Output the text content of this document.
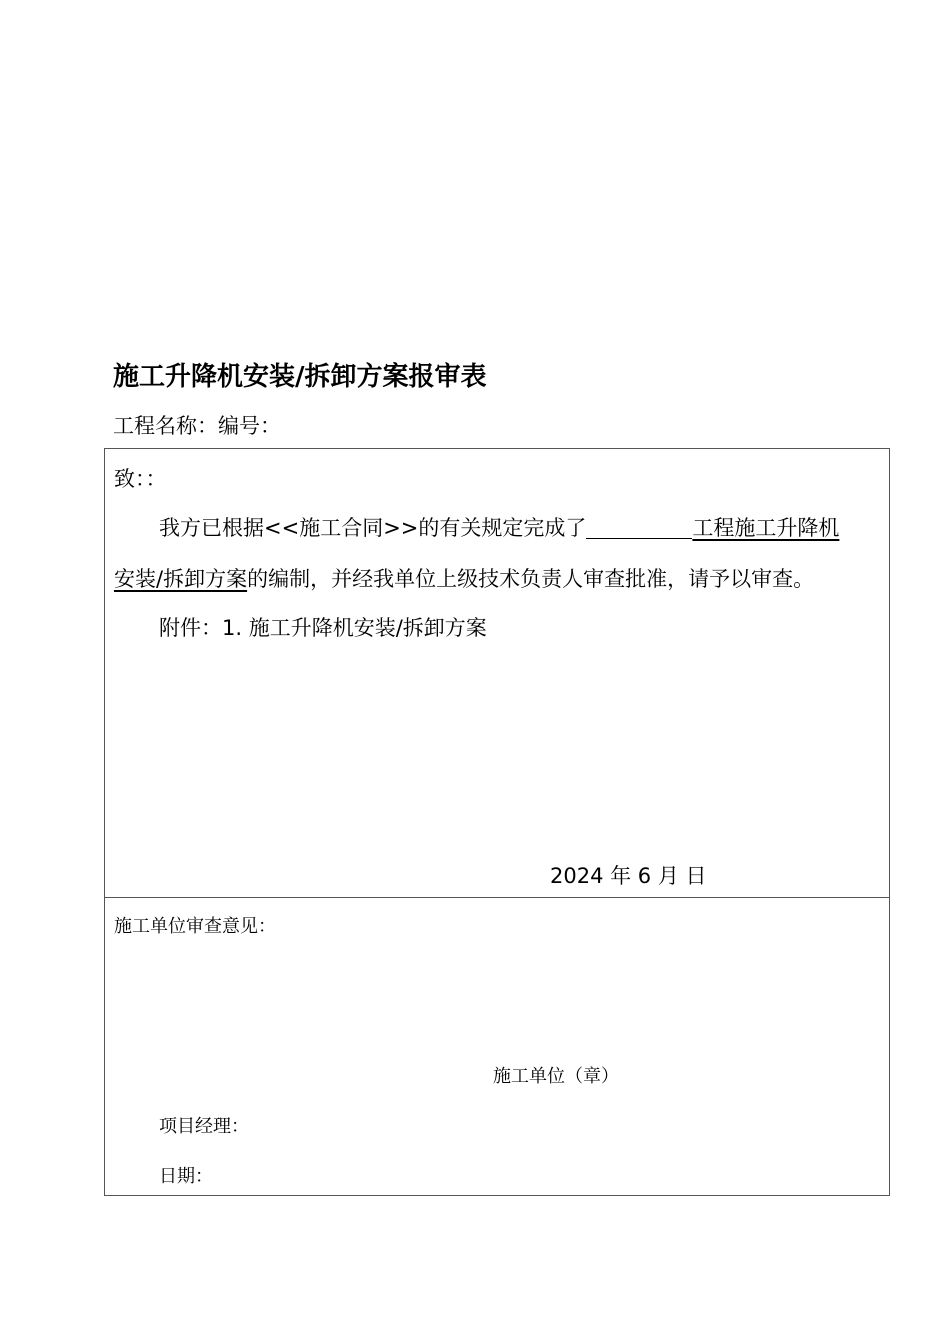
施工升降机安装/拆卸方案报审表
工程名称：编号：
致：：
我方已根据<<施工合同>>的有关规定完成了	工程施工升降机
安装/拆卸方案的编制，并经我单位上级技术负责人审查批准，请予以审查。
附件：1. 施工升降机安装/拆卸方案
2024 年 6 月 日
施工单位审查意见：
施工单位（章）
项目经理：
日期：
